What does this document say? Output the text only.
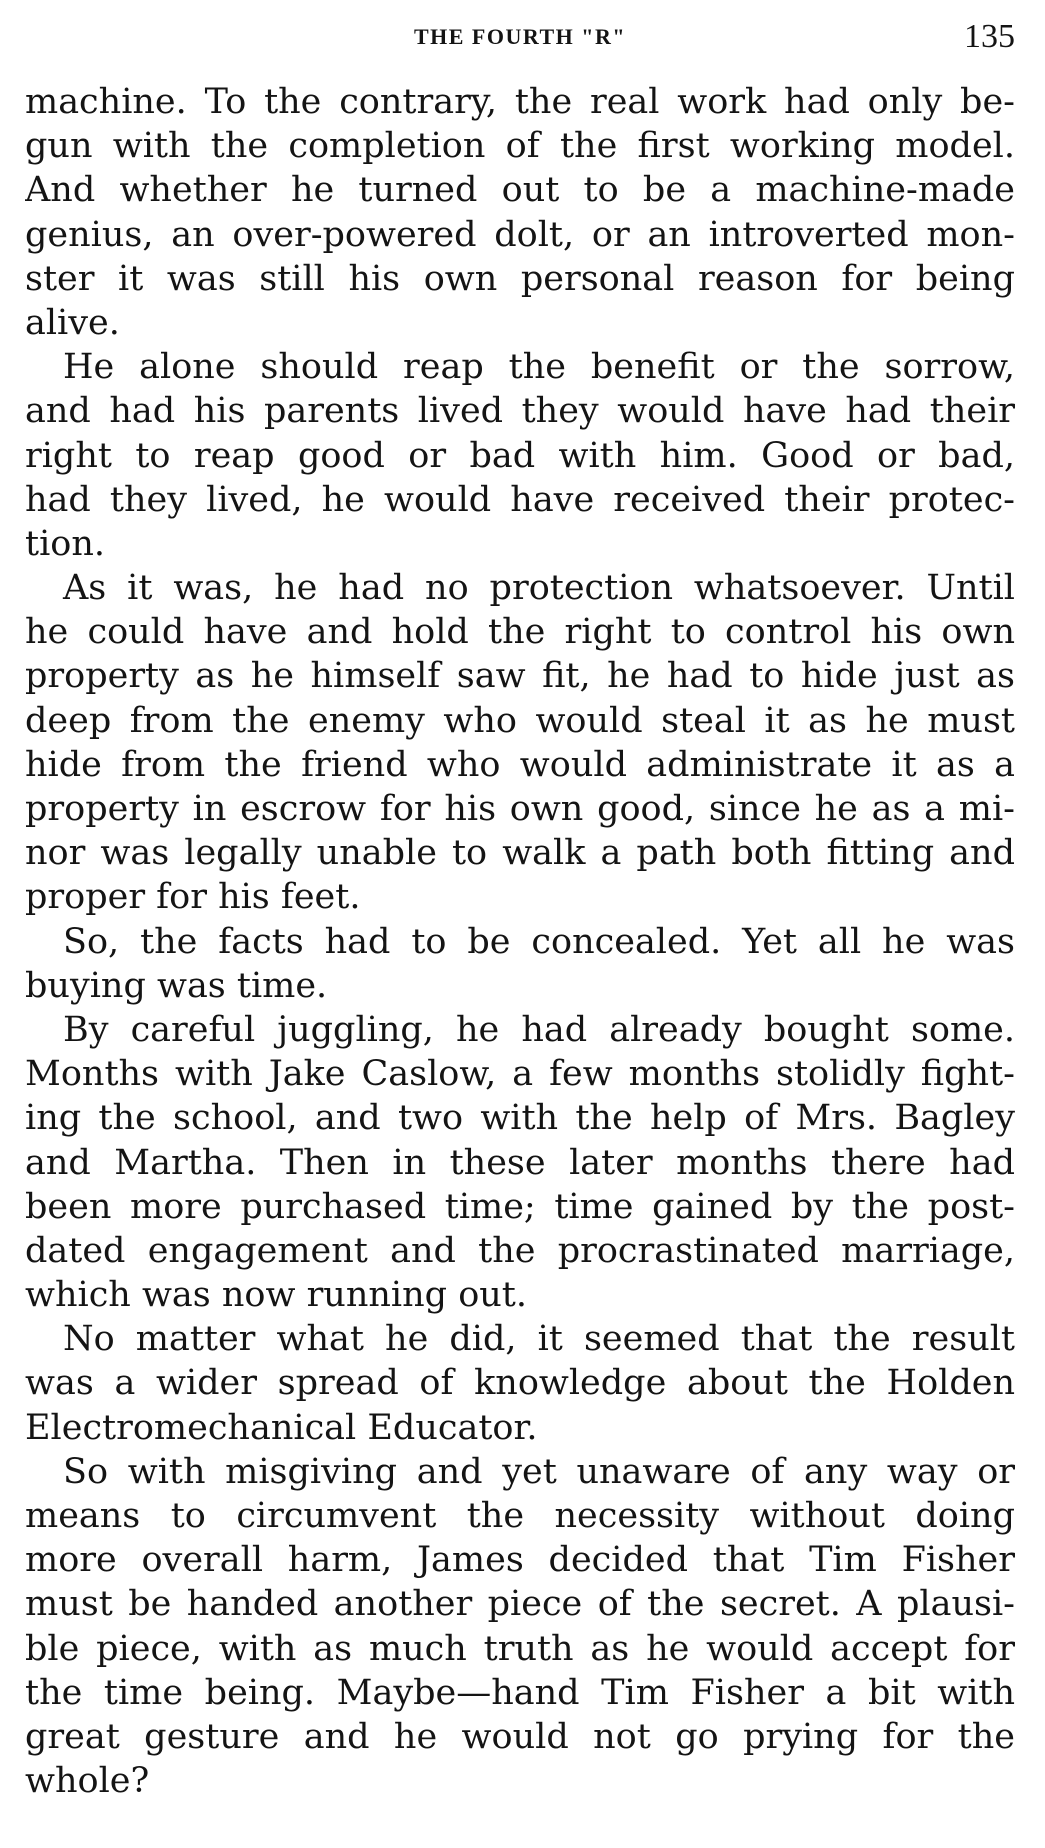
THE FOURTH "R"	135
machine. To the contrary, the real work had only be-
gun with the completion of the first working model.
And whether he turned out to be a machine-made
genius, an over-powered dolt, or an introverted mon-
ster it was still his own personal reason for being
alive.
He alone should reap the benefit or the sorrow,
and had his parents lived they would have had their
right to reap good or bad with him. Good or bad,
had they lived, he would have received their protec-
tion.
As it was, he had no protection whatsoever. Until
he could have and hold the right to control his own
property as he himself saw fit, he had to hide just as
deep from the enemy who would steal it as he must
hide from the friend who would administrate it as a
property in escrow for his own good, since he as a mi-
nor was legally unable to walk a path both fitting and
proper for his feet.
So, the facts had to be concealed. Yet all he was
buying was time.
By careful juggling, he had already bought some.
Months with Jake Caslow, a few months stolidly fight-
ing the school, and two with the help of Mrs. Bagley
and Martha. Then in these later months there had
been more purchased time; time gained by the post-
dated engagement and the procrastinated marriage,
which was now running out.
No matter what he did, it seemed that the result
was a wider spread of knowledge about the Holden
Electromechanical Educator.
So with misgiving and yet unaware of any way or
means to circumvent the necessity without doing
more overall harm, James decided that Tim Fisher
must be handed another piece of the secret. A plausi-
ble piece, with as much truth as he would accept for
the time being. Maybe—hand Tim Fisher a bit with
great gesture and he would not go prying for the
whole?
